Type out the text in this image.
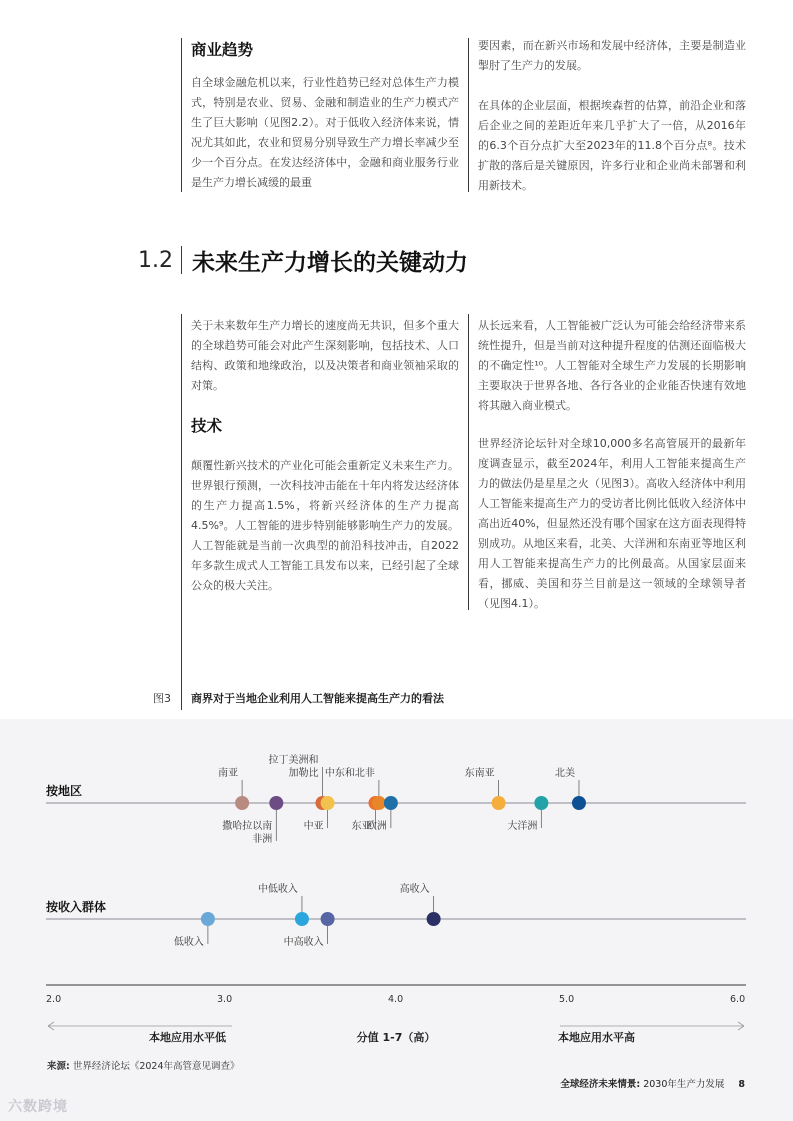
商业趋势
自全球金融危机以来，行业性趋势已经对总体生产力模式，特别是农业、贸易、金融和制造业的生产力模式产生了巨大影响（见图2.2）。对于低收入经济体来说，情况尤其如此，农业和贸易分别导致生产力增长率减少至少一个百分点。在发达经济体中，金融和商业服务行业是生产力增长减缓的最重
要因素，而在新兴市场和发展中经济体，主要是制造业掣肘了生产力的发展。
在具体的企业层面，根据埃森哲的估算，前沿企业和落后企业之间的差距近年来几乎扩大了一倍，从2016年的6.3个百分点扩大至2023年的11.8个百分点⁸。技术扩散的落后是关键原因，许多行业和企业尚未部署和利用新技术。
1.2 未来生产力增长的关键动力
关于未来数年生产力增长的速度尚无共识，但多个重大的全球趋势可能会对此产生深刻影响，包括技术、人口结构、政策和地缘政治，以及决策者和商业领袖采取的对策。
技术
颠覆性新兴技术的产业化可能会重新定义未来生产力。世界银行预测，一次科技冲击能在十年内将发达经济体的生产力提高1.5%，将新兴经济体的生产力提高4.5%⁹。人工智能的进步特别能够影响生产力的发展。人工智能就是当前一次典型的前沿科技冲击，自2022年多款生成式人工智能工具发布以来，已经引起了全球公众的极大关注。
从长远来看，人工智能被广泛认为可能会给经济带来系统性提升，但是当前对这种提升程度的估测还面临极大的不确定性¹⁰。人工智能对全球生产力发展的长期影响主要取决于世界各地、各行各业的企业能否快速有效地将其融入商业模式。
世界经济论坛针对全球10,000多名高管展开的最新年度调查显示，截至2024年，利用人工智能来提高生产力的做法仍是星星之火（见图3）。高收入经济体中利用人工智能来提高生产力的受访者比例比低收入经济体中高出近40%，但显然还没有哪个国家在这方面表现得特别成功。从地区来看，北美、大洋洲和东南亚等地区利用人工智能来提高生产力的比例最高。从国家层面来看，挪威、美国和芬兰目前是这一领域的全球领导者（见图4.1）。
图3 商界对于当地企业利用人工智能来提高生产力的看法
按地区
南亚
撒哈拉以南
非洲
拉丁美洲和
加勒比
中亚	东亚
中东和北非
欧洲
东南亚
大洋洲
北美
按收入群体
低收入
中低收入
中高收入
高收入
2.0	3.0	4.0	5.0	6.0
本地应用水平低	分值 1-7（高）	本地应用水平高
来源: 世界经济论坛《2024年高管意见调查》
全球经济未来情景: 2030年生产力发展 8
六数跨境
